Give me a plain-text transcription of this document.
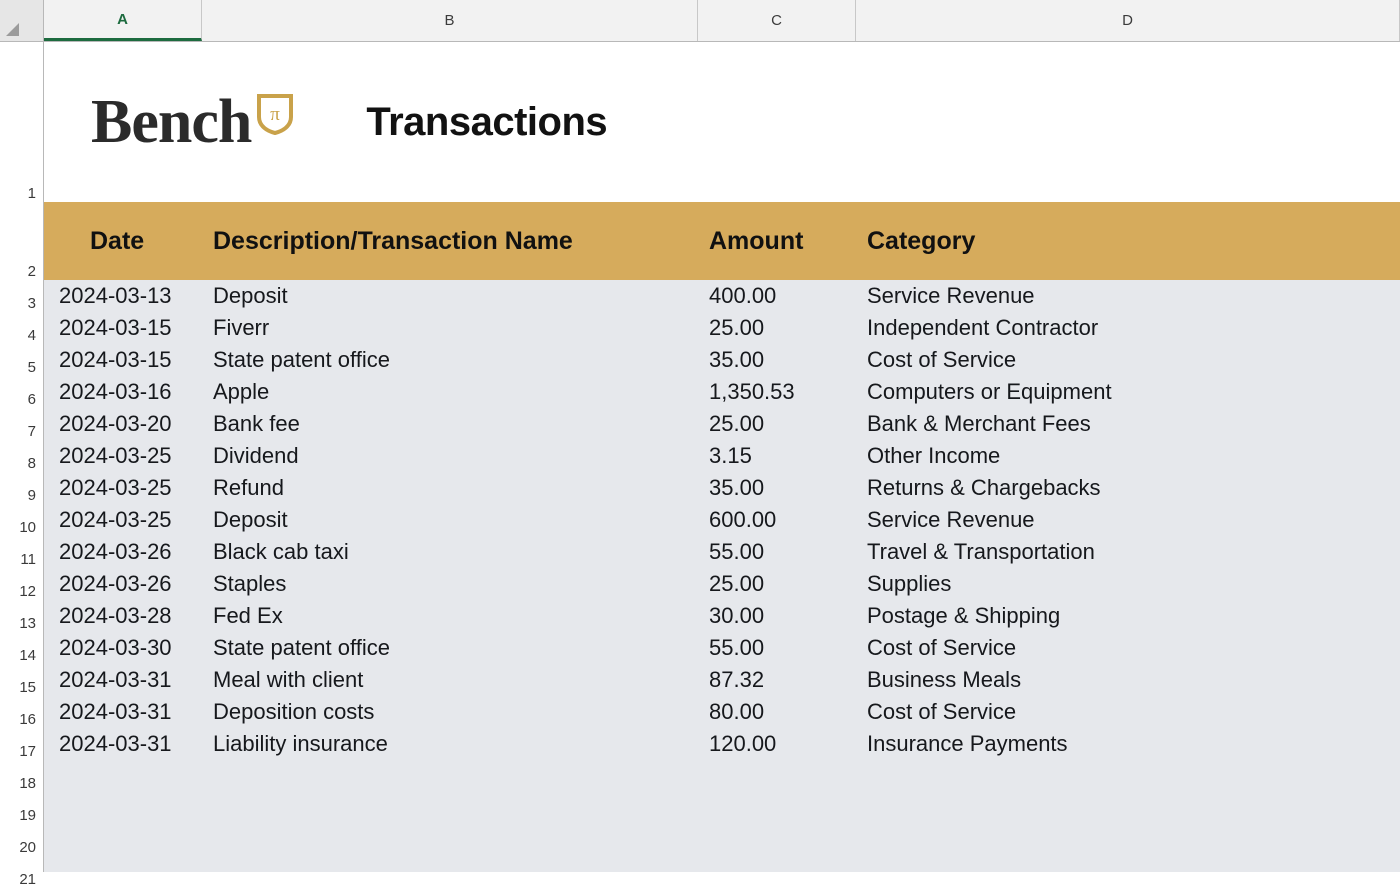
A	B	C	D
1
2
3
4
5
6
7
8
9
10
11
12
13
14
15
16
17
18
19
20
21
Bench π Transactions
Date	Description/Transaction Name	Amount	Category
2024-03-13	Deposit	400.00	Service Revenue
2024-03-15	Fiverr	25.00	Independent Contractor
2024-03-15	State patent office	35.00	Cost of Service
2024-03-16	Apple	1,350.53	Computers or Equipment
2024-03-20	Bank fee	25.00	Bank & Merchant Fees
2024-03-25	Dividend	3.15	Other Income
2024-03-25	Refund	35.00	Returns & Chargebacks
2024-03-25	Deposit	600.00	Service Revenue
2024-03-26	Black cab taxi	55.00	Travel & Transportation
2024-03-26	Staples	25.00	Supplies
2024-03-28	Fed Ex	30.00	Postage & Shipping
2024-03-30	State patent office	55.00	Cost of Service
2024-03-31	Meal with client	87.32	Business Meals
2024-03-31	Deposition costs	80.00	Cost of Service
2024-03-31	Liability insurance	120.00	Insurance Payments
